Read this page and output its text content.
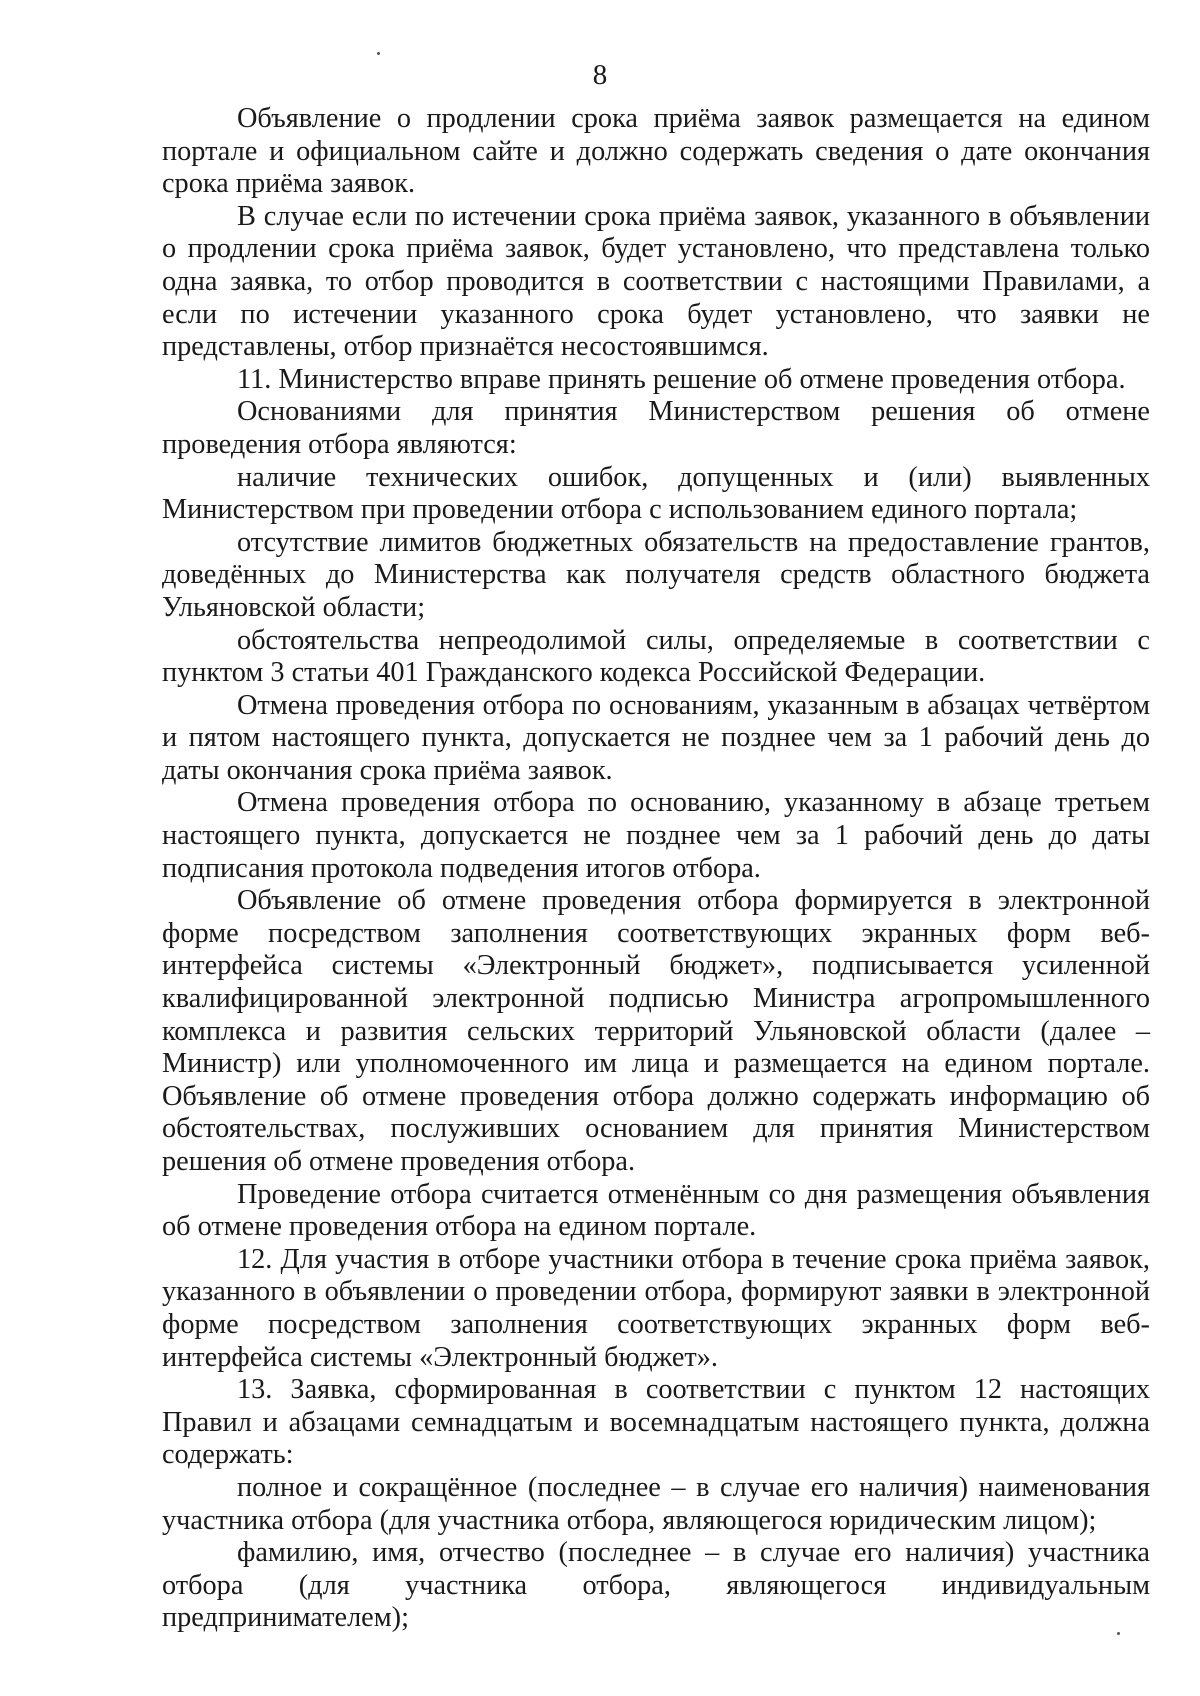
8

Объявление о продлении срока приёма заявок размещается на едином портале и официальном сайте и должно содержать сведения о дате окончания срока приёма заявок.

В случае если по истечении срока приёма заявок, указанного в объявлении о продлении срока приёма заявок, будет установлено, что представлена только одна заявка, то отбор проводится в соответствии с настоящими Правилами, а если по истечении указанного срока будет установлено, что заявки не представлены, отбор признаётся несостоявшимся.

11. Министерство вправе принять решение об отмене проведения отбора.

Основаниями для принятия Министерством решения об отмене проведения отбора являются:

наличие технических ошибок, допущенных и (или) выявленных Министерством при проведении отбора с использованием единого портала;

отсутствие лимитов бюджетных обязательств на предоставление грантов, доведённых до Министерства как получателя средств областного бюджета Ульяновской области;

обстоятельства непреодолимой силы, определяемые в соответствии с пунктом 3 статьи 401 Гражданского кодекса Российской Федерации.

Отмена проведения отбора по основаниям, указанным в абзацах четвёртом и пятом настоящего пункта, допускается не позднее чем за 1 рабочий день до даты окончания срока приёма заявок.

Отмена проведения отбора по основанию, указанному в абзаце третьем настоящего пункта, допускается не позднее чем за 1 рабочий день до даты подписания протокола подведения итогов отбора.

Объявление об отмене проведения отбора формируется в электронной форме посредством заполнения соответствующих экранных форм веб-интерфейса системы «Электронный бюджет», подписывается усиленной квалифицированной электронной подписью Министра агропромышленного комплекса и развития сельских территорий Ульяновской области (далее – Министр) или уполномоченного им лица и размещается на едином портале. Объявление об отмене проведения отбора должно содержать информацию об обстоятельствах, послуживших основанием для принятия Министерством решения об отмене проведения отбора.

Проведение отбора считается отменённым со дня размещения объявления об отмене проведения отбора на едином портале.

12. Для участия в отборе участники отбора в течение срока приёма заявок, указанного в объявлении о проведении отбора, формируют заявки в электронной форме посредством заполнения соответствующих экранных форм веб-интерфейса системы «Электронный бюджет».

13. Заявка, сформированная в соответствии с пунктом 12 настоящих Правил и абзацами семнадцатым и восемнадцатым настоящего пункта, должна содержать:

полное и сокращённое (последнее – в случае его наличия) наименования участника отбора (для участника отбора, являющегося юридическим лицом);

фамилию, имя, отчество (последнее – в случае его наличия) участника отбора (для участника отбора, являющегося индивидуальным предпринимателем);
